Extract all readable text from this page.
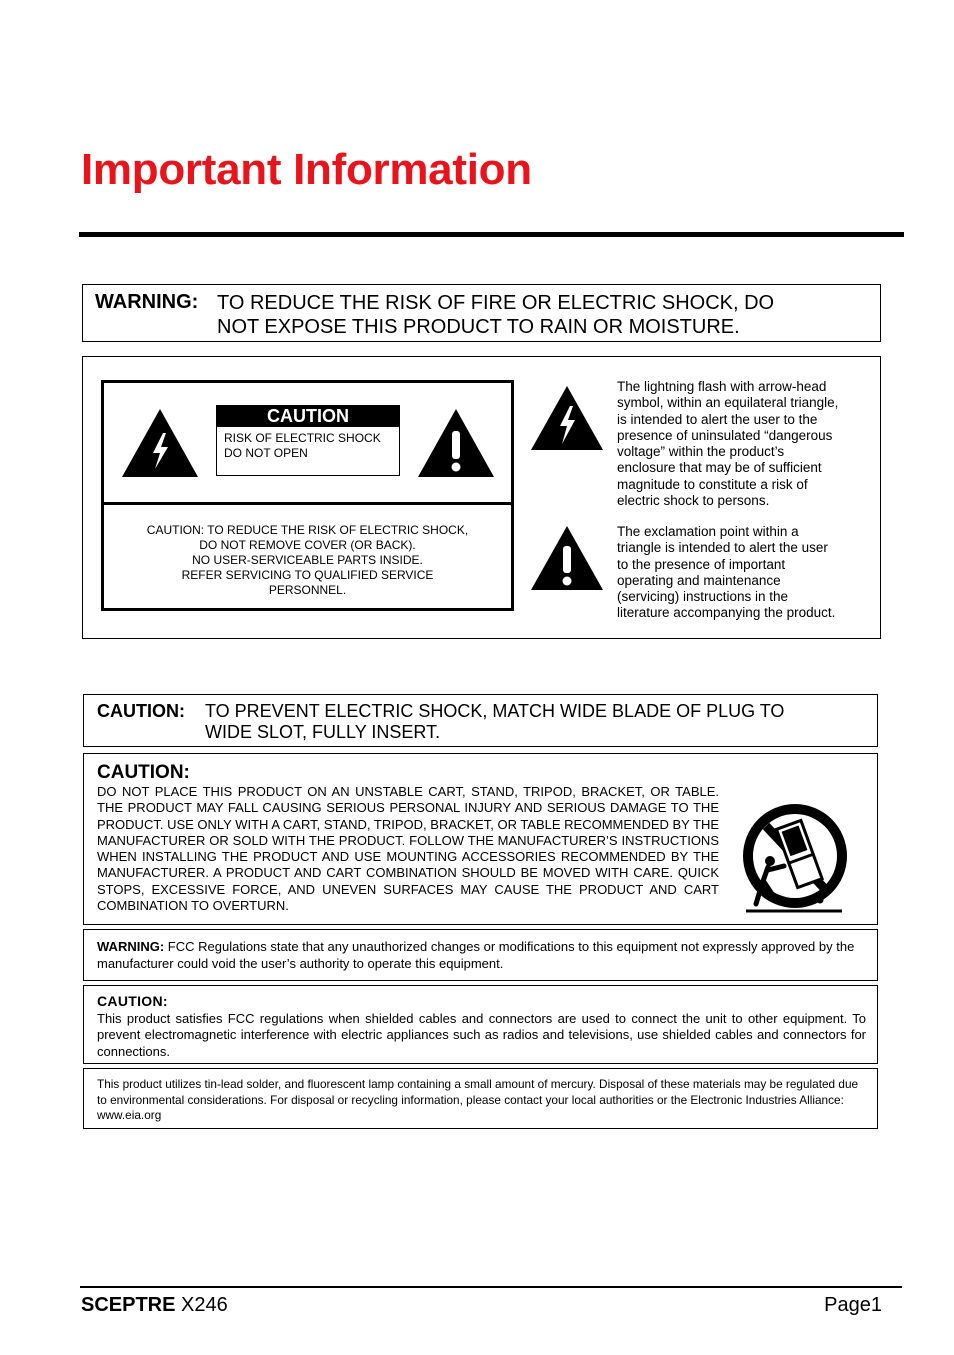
Important Information
WARNING: TO REDUCE THE RISK OF FIRE OR ELECTRIC SHOCK, DO
NOT EXPOSE THIS PRODUCT TO RAIN OR MOISTURE.
CAUTION
RISK OF ELECTRIC SHOCK
DO NOT OPEN
CAUTION: TO REDUCE THE RISK OF ELECTRIC SHOCK,
DO NOT REMOVE COVER (OR BACK).
NO USER-SERVICEABLE PARTS INSIDE.
REFER SERVICING TO QUALIFIED SERVICE
PERSONNEL.
The lightning flash with arrow-head
symbol, within an equilateral triangle,
is intended to alert the user to the
presence of uninsulated “dangerous
voltage” within the product’s
enclosure that may be of sufficient
magnitude to constitute a risk of
electric shock to persons.
The exclamation point within a
triangle is intended to alert the user
to the presence of important
operating and maintenance
(servicing) instructions in the
literature accompanying the product.
CAUTION: TO PREVENT ELECTRIC SHOCK, MATCH WIDE BLADE OF PLUG TO
WIDE SLOT, FULLY INSERT.
CAUTION:
DO NOT PLACE THIS PRODUCT ON AN UNSTABLE CART, STAND, TRIPOD, BRACKET, OR TABLE. THE PRODUCT MAY FALL CAUSING SERIOUS PERSONAL INJURY AND SERIOUS DAMAGE TO THE PRODUCT. USE ONLY WITH A CART, STAND, TRIPOD, BRACKET, OR TABLE RECOMMENDED BY THE MANUFACTURER OR SOLD WITH THE PRODUCT. FOLLOW THE MANUFACTURER’S INSTRUCTIONS WHEN INSTALLING THE PRODUCT AND USE MOUNTING ACCESSORIES RECOMMENDED BY THE MANUFACTURER. A PRODUCT AND CART COMBINATION SHOULD BE MOVED WITH CARE. QUICK STOPS, EXCESSIVE FORCE, AND UNEVEN SURFACES MAY CAUSE THE PRODUCT AND CART COMBINATION TO OVERTURN.
WARNING: FCC Regulations state that any unauthorized changes or modifications to this equipment not expressly approved by the manufacturer could void the user’s authority to operate this equipment.
CAUTION:
This product satisfies FCC regulations when shielded cables and connectors are used to connect the unit to other equipment. To prevent electromagnetic interference with electric appliances such as radios and televisions, use shielded cables and connectors for connections.
This product utilizes tin-lead solder, and fluorescent lamp containing a small amount of mercury. Disposal of these materials may be regulated due to environmental considerations. For disposal or recycling information, please contact your local authorities or the Electronic Industries Alliance: www.eia.org
SCEPTRE X246	Page1
